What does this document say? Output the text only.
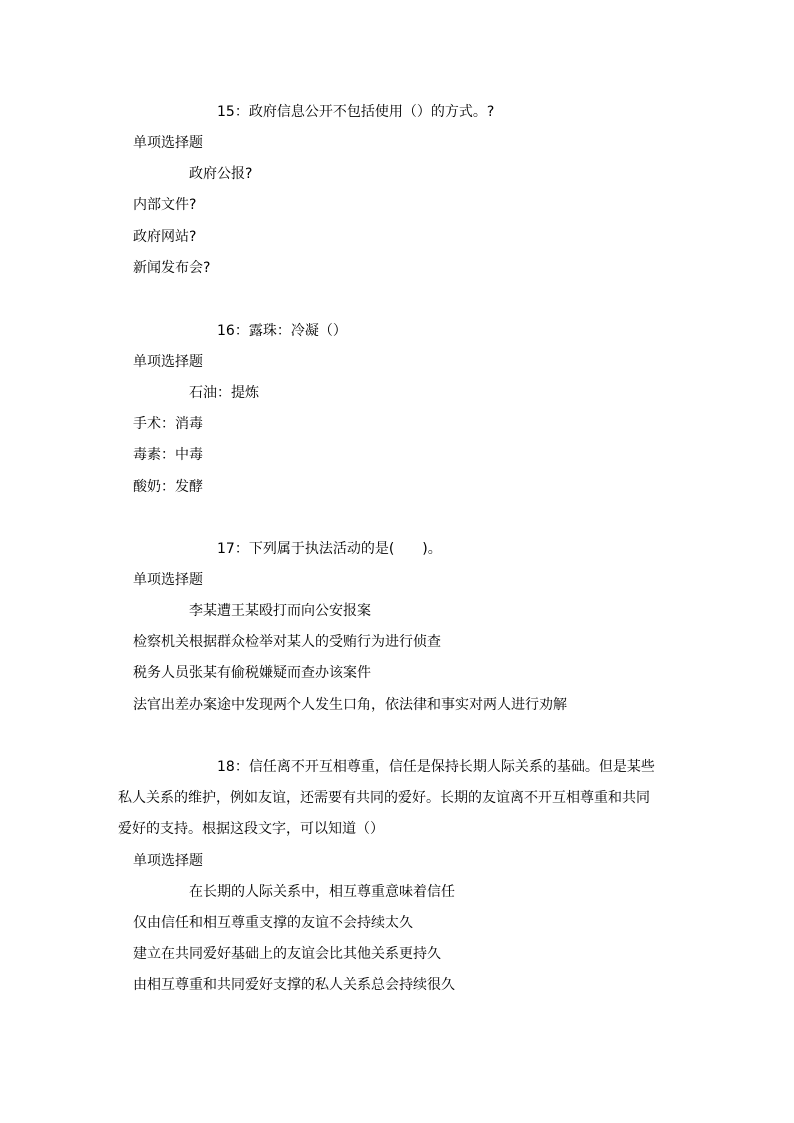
15：政府信息公开不包括使用（）的方式。?
单项选择题
政府公报?
内部文件?
政府网站?
新闻发布会?
16：露珠：冷凝（）
单项选择题
石油：提炼
手术：消毒
毒素：中毒
酸奶：发酵
17：下列属于执法活动的是(　　)。
单项选择题
李某遭王某殴打而向公安报案
检察机关根据群众检举对某人的受贿行为进行侦查
税务人员张某有偷税嫌疑而查办该案件
法官出差办案途中发现两个人发生口角，依法律和事实对两人进行劝解
18：信任离不开互相尊重，信任是保持长期人际关系的基础。但是某些私人关系的维护，例如友谊，还需要有共同的爱好。长期的友谊离不开互相尊重和共同爱好的支持。根据这段文字，可以知道（）
单项选择题
在长期的人际关系中，相互尊重意味着信任
仅由信任和相互尊重支撑的友谊不会持续太久
建立在共同爱好基础上的友谊会比其他关系更持久
由相互尊重和共同爱好支撑的私人关系总会持续很久
